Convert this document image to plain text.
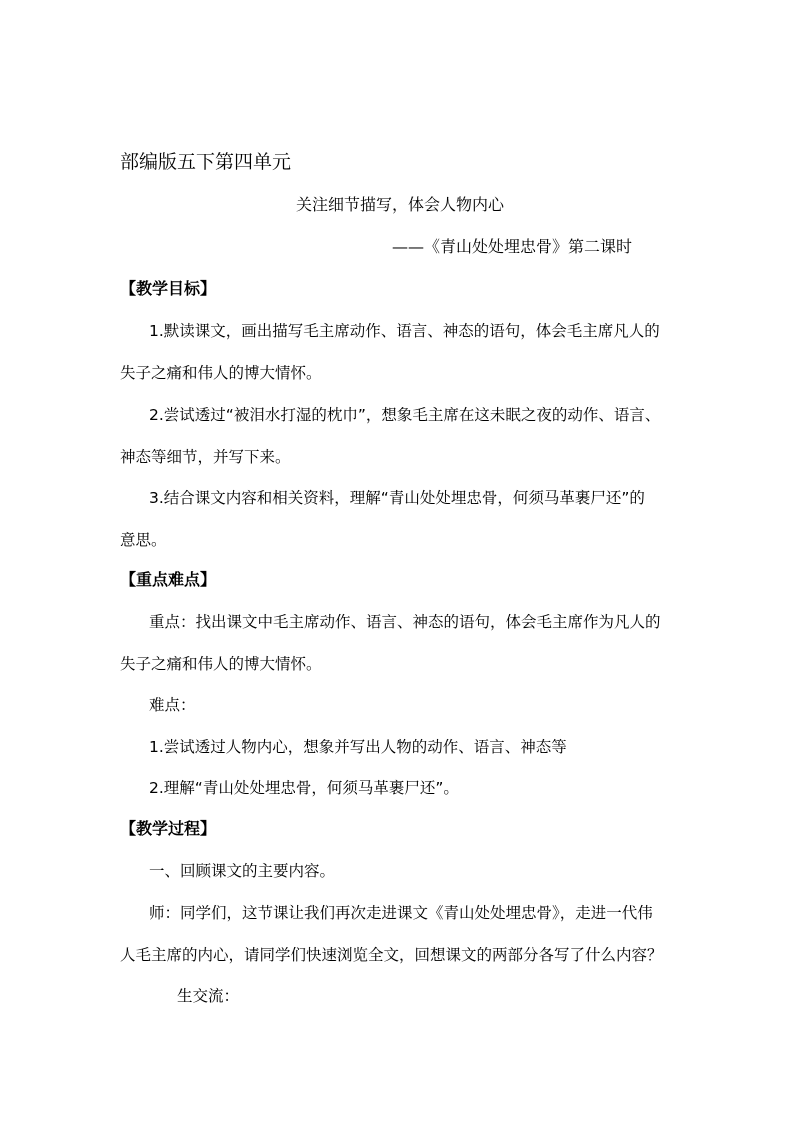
部编版五下第四单元
关注细节描写，体会人物内心
——《青山处处埋忠骨》第二课时
【教学目标】
1.默读课文，画出描写毛主席动作、语言、神态的语句，体会毛主席凡人的
失子之痛和伟人的博大情怀。
2.尝试透过“被泪水打湿的枕巾”，想象毛主席在这未眠之夜的动作、语言、
神态等细节，并写下来。
3.结合课文内容和相关资料，理解“青山处处埋忠骨，何须马革裹尸还”的
意思。
【重点难点】
重点：找出课文中毛主席动作、语言、神态的语句，体会毛主席作为凡人的
失子之痛和伟人的博大情怀。
难点：
1.尝试透过人物内心，想象并写出人物的动作、语言、神态等
2.理解“青山处处埋忠骨，何须马革裹尸还”。
【教学过程】
一、回顾课文的主要内容。
师：同学们，这节课让我们再次走进课文《青山处处埋忠骨》，走进一代伟
人毛主席的内心，请同学们快速浏览全文，回想课文的两部分各写了什么内容？
生交流：
